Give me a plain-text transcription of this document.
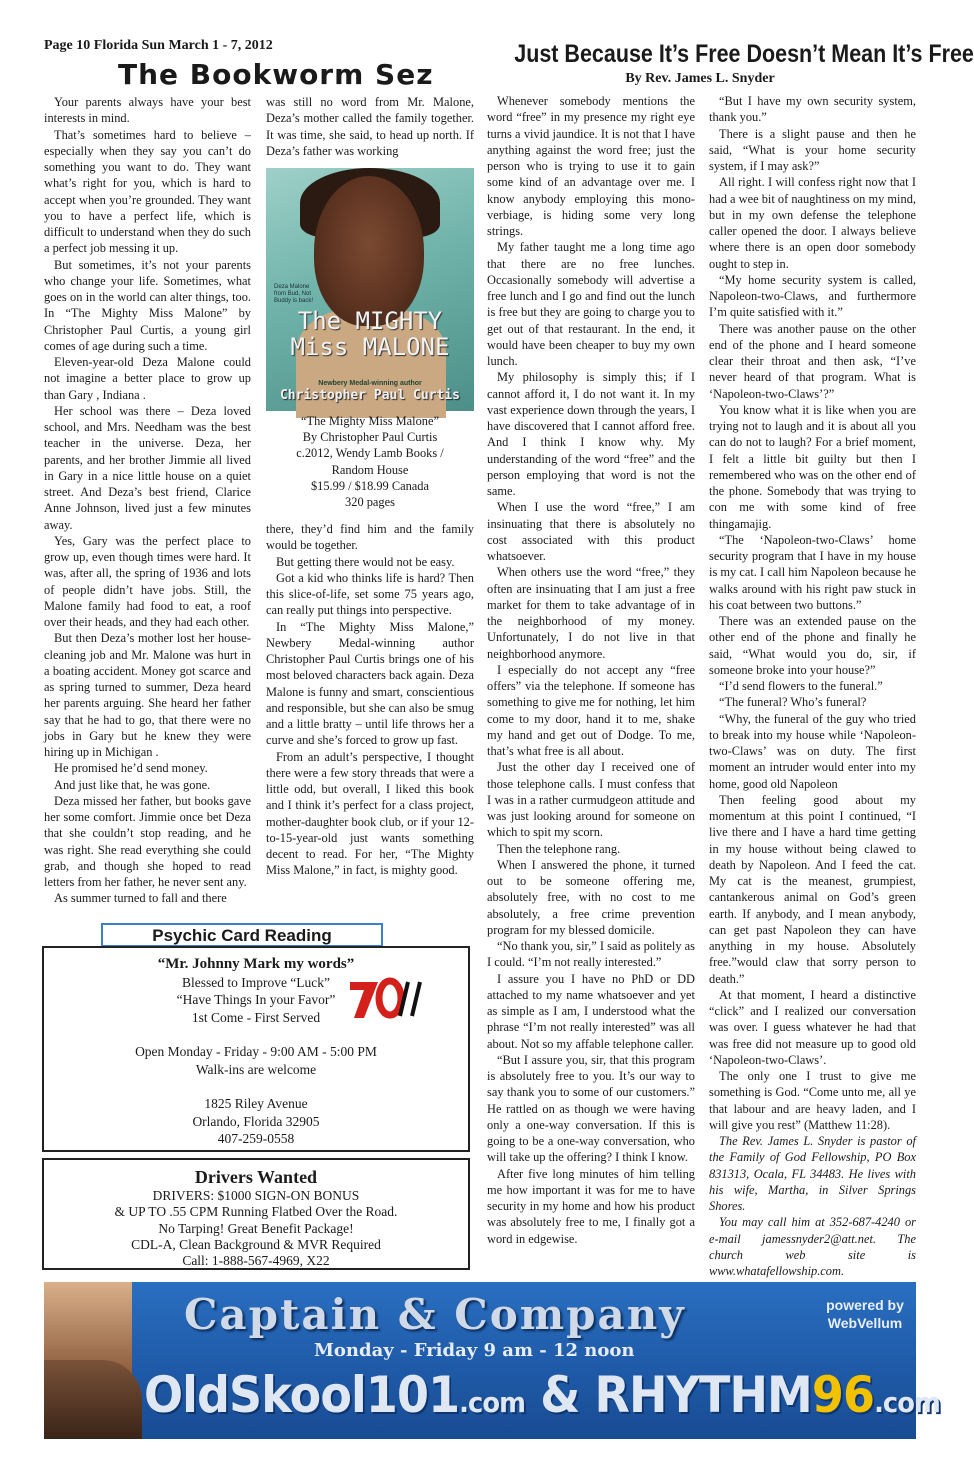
Page 10 Florida Sun March 1 - 7, 2012
The Bookworm Sez
Just Because It’s Free Doesn’t Mean It’s Free
By Rev. James L. Snyder

Your parents always have your best interests in mind.

That’s sometimes hard to believe – especially when they say you can’t do something you want to do. They want what’s right for you, which is hard to accept when you’re grounded. They want you to have a perfect life, which is difficult to understand when they do such a perfect job messing it up.

But sometimes, it’s not your parents who change your life. Sometimes, what goes on in the world can alter things, too. In “The Mighty Miss Malone” by Christopher Paul Curtis, a young girl comes of age during such a time.

Eleven-year-old Deza Malone could not imagine a better place to grow up than Gary , Indiana .

Her school was there – Deza loved school, and Mrs. Needham was the best teacher in the universe. Deza, her parents, and her brother Jimmie all lived in Gary in a nice little house on a quiet street. And Deza’s best friend, Clarice Anne Johnson, lived just a few minutes away.

Yes, Gary was the perfect place to grow up, even though times were hard. It was, after all, the spring of 1936 and lots of people didn’t have jobs. Still, the Malone family had food to eat, a roof over their heads, and they had each other.

But then Deza’s mother lost her house-cleaning job and Mr. Malone was hurt in a boating accident. Money got scarce and as spring turned to summer, Deza heard her parents arguing. She heard her father say that he had to go, that there were no jobs in Gary but he knew they were hiring up in Michigan .

He promised he’d send money.

And just like that, he was gone.

Deza missed her father, but books gave her some comfort. Jimmie once bet Deza that she couldn’t stop reading, and he was right. She read everything she could grab, and though she hoped to read letters from her father, he never sent any.

As summer turned to fall and there

was still no word from Mr. Malone, Deza’s mother called the family together. It was time, she said, to head up north. If Deza’s father was working

Deza Malone from Bud, Not Buddy is back!
The MIGHTY Miss MALONE
Newbery Medal-winning author
Christopher Paul Curtis
“The Mighty Miss Malone”
By Christopher Paul Curtis
c.2012, Wendy Lamb Books /
Random House
$15.99 / $18.99 Canada
320 pages

there, they’d find him and the family would be together.

But getting there would not be easy.

Got a kid who thinks life is hard? Then this slice-of-life, set some 75 years ago, can really put things into perspective.

In “The Mighty Miss Malone,” Newbery Medal-winning author Christopher Paul Curtis brings one of his most beloved characters back again. Deza Malone is funny and smart, conscientious and responsible, but she can also be smug and a little bratty – until life throws her a curve and she’s forced to grow up fast.

From an adult’s perspective, I thought there were a few story threads that were a little odd, but overall, I liked this book and I think it’s perfect for a class project, mother-daughter book club, or if your 12-to-15-year-old just wants something decent to read. For her, “The Mighty Miss Malone,” in fact, is mighty good.

Whenever somebody mentions the word “free” in my presence my right eye turns a vivid jaundice. It is not that I have anything against the word free; just the person who is trying to use it to gain some kind of an advantage over me. I know anybody employing this mono-verbiage, is hiding some very long strings.

My father taught me a long time ago that there are no free lunches. Occasionally somebody will advertise a free lunch and I go and find out the lunch is free but they are going to charge you to get out of that restaurant. In the end, it would have been cheaper to buy my own lunch.

My philosophy is simply this; if I cannot afford it, I do not want it. In my vast experience down through the years, I have discovered that I cannot afford free. And I think I know why. My understanding of the word “free” and the person employing that word is not the same.

When I use the word “free,” I am insinuating that there is absolutely no cost associated with this product whatsoever.

When others use the word “free,” they often are insinuating that I am just a free market for them to take advantage of in the neighborhood of my money. Unfortunately, I do not live in that neighborhood anymore.

I especially do not accept any “free offers” via the telephone. If someone has something to give me for nothing, let him come to my door, hand it to me, shake my hand and get out of Dodge. To me, that’s what free is all about.

Just the other day I received one of those telephone calls. I must confess that I was in a rather curmudgeon attitude and was just looking around for someone on which to spit my scorn.

Then the telephone rang.

When I answered the phone, it turned out to be someone offering me, absolutely free, with no cost to me absolutely, a free crime prevention program for my blessed domicile.

“No thank you, sir,” I said as politely as I could. “I’m not really interested.”

I assure you I have no PhD or DD attached to my name whatsoever and yet as simple as I am, I understood what the phrase “I’m not really interested” was all about. Not so my affable telephone caller.

“But I assure you, sir, that this program is absolutely free to you. It’s our way to say thank you to some of our customers.” He rattled on as though we were having only a one-way conversation. If this is going to be a one-way conversation, who will take up the offering? I think I know.

After five long minutes of him telling me how important it was for me to have security in my home and how his product was absolutely free to me, I finally got a word in edgewise.

“But I have my own security system, thank you.”

There is a slight pause and then he said, “What is your home security system, if I may ask?”

All right. I will confess right now that I had a wee bit of naughtiness on my mind, but in my own defense the telephone caller opened the door. I always believe where there is an open door somebody ought to step in.

“My home security system is called, Napoleon-two-Claws, and furthermore I’m quite satisfied with it.”

There was another pause on the other end of the phone and I heard someone clear their throat and then ask, “I’ve never heard of that program. What is ‘Napoleon-two-Claws’?”

You know what it is like when you are trying not to laugh and it is about all you can do not to laugh? For a brief moment, I felt a little bit guilty but then I remembered who was on the other end of the phone. Somebody that was trying to con me with some kind of free thingamajig.

“The ‘Napoleon-two-Claws’ home security program that I have in my house is my cat. I call him Napoleon because he walks around with his right paw stuck in his coat between two buttons.”

There was an extended pause on the other end of the phone and finally he said, “What would you do, sir, if someone broke into your house?”

“I’d send flowers to the funeral.”

“The funeral? Who’s funeral?

“Why, the funeral of the guy who tried to break into my house while ‘Napoleon-two-Claws’ was on duty. The first moment an intruder would enter into my home, good old Napoleon

Then feeling good about my momentum at this point I continued, “I live there and I have a hard time getting in my house without being clawed to death by Napoleon. And I feed the cat. My cat is the meanest, grumpiest, cantankerous animal on God’s green earth. If anybody, and I mean anybody, can get past Napoleon they can have anything in my house. Absolutely free.”would claw that sorry person to death.”

At that moment, I heard a distinctive “click” and I realized our conversation was over. I guess whatever he had that was free did not measure up to good old ‘Napoleon-two-Claws’.

The only one I trust to give me something is God. “Come unto me, all ye that labour and are heavy laden, and I will give you rest” (Matthew 11:28).

The Rev. James L. Snyder is pastor of the Family of God Fellowship, PO Box 831313, Ocala, FL 34483. He lives with his wife, Martha, in Silver Springs Shores.

You may call him at 352-687-4240 or e-mail jamessnyder2@att.net. The church web site is www.whatafellowship.com.

Psychic Card Reading
“Mr. Johnny Mark my words”
Blessed to Improve “Luck”
“Have Things In your Favor”
1st Come - First Served
Open Monday - Friday - 9:00 AM - 5:00 PM
Walk-ins are welcome
1825 Riley Avenue
Orlando, Florida 32905
407-259-0558
Drivers Wanted
DRIVERS: $1000 SIGN-ON BONUS
& UP TO .55 CPM Running Flatbed Over the Road.
No Tarping! Great Benefit Package!
CDL-A, Clean Background & MVR Required
Call: 1-888-567-4969, X22
Captain & Company
Monday - Friday 9 am - 12 noon
powered by
WebVellum
OldSkool101.com & RHYTHM96.com
